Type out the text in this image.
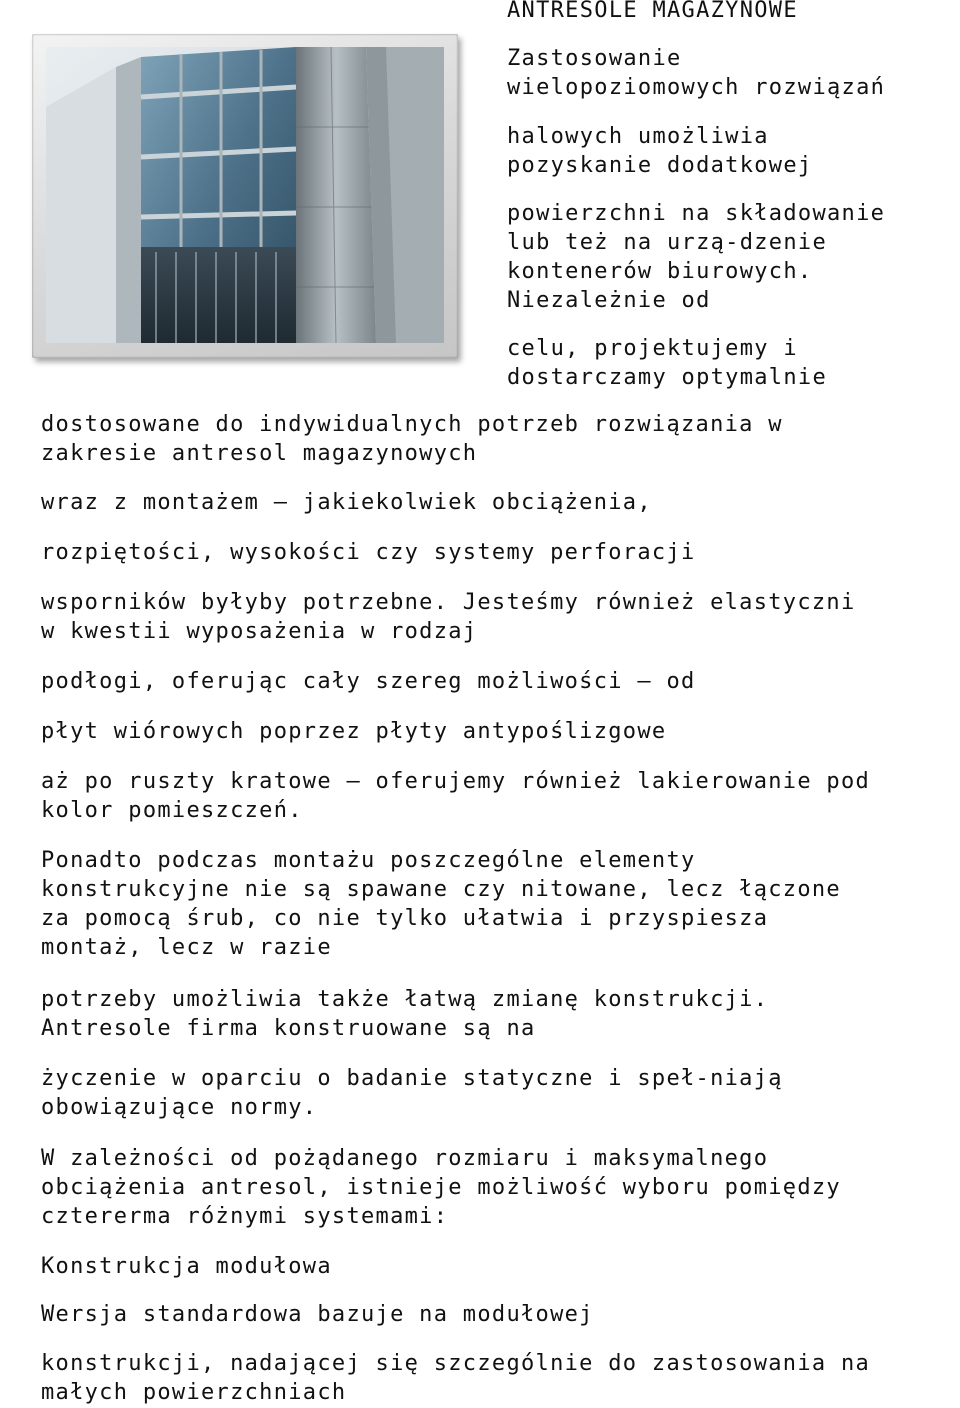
ANTRESOLE MAGAZYNOWE

Zastosowanie
wielopoziomowych rozwiązań

halowych umożliwia
pozyskanie dodatkowej

powierzchni na składowanie
lub też na urzą-dzenie
kontenerów biurowych.
Niezależnie od

celu, projektujemy i
dostarczamy optymalnie

dostosowane do indywidualnych potrzeb rozwiązania w
zakresie antresol magazynowych

wraz z montażem – jakiekolwiek obciążenia,

rozpiętości, wysokości czy systemy perforacji

wsporników byłyby potrzebne. Jesteśmy również elastyczni
w kwestii wyposażenia w rodzaj

podłogi, oferując cały szereg możliwości – od

płyt wiórowych poprzez płyty antypoślizgowe

aż po ruszty kratowe – oferujemy również lakierowanie pod
kolor pomieszczeń.

Ponadto podczas montażu poszczególne elementy
konstrukcyjne nie są spawane czy nitowane, lecz łączone
za pomocą śrub, co nie tylko ułatwia i przyspiesza
montaż, lecz w razie

potrzeby umożliwia także łatwą zmianę konstrukcji.
Antresole firma konstruowane są na

życzenie w oparciu o badanie statyczne i speł-niają
obowiązujące normy.

W zależności od pożądanego rozmiaru i maksymalnego
obciążenia antresol, istnieje możliwość wyboru pomiędzy
cztererma różnymi systemami:

Konstrukcja modułowa

Wersja standardowa bazuje na modułowej

konstrukcji, nadającej się szczególnie do zastosowania na
małych powierzchniach
